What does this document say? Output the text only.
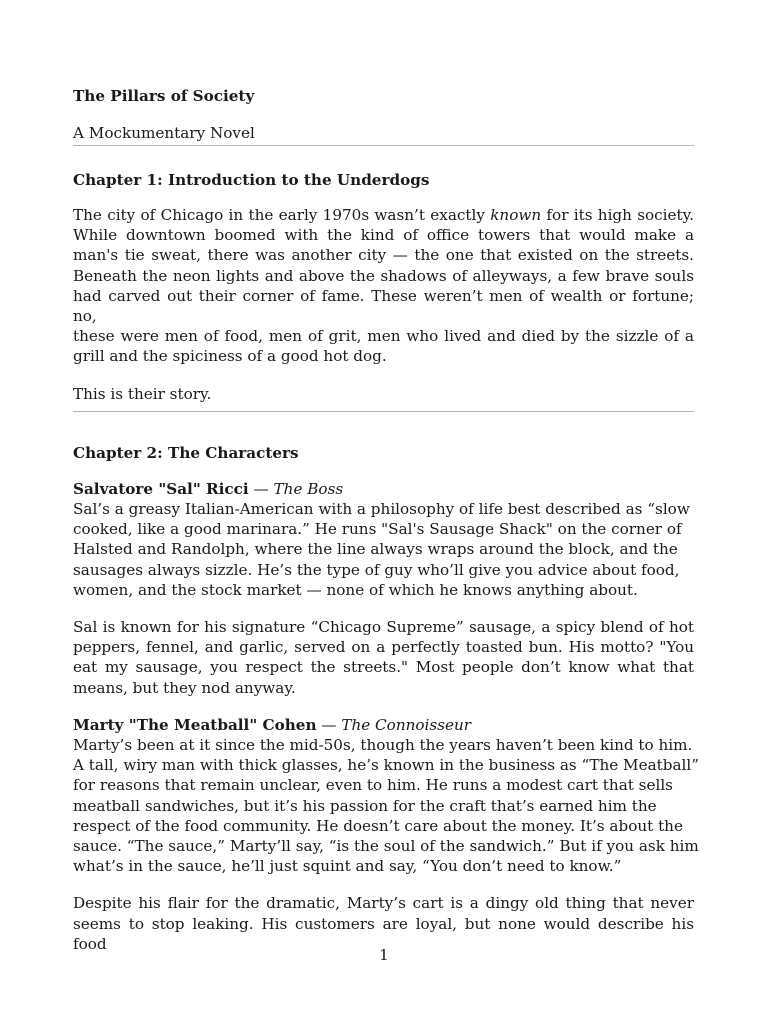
The Pillars of Society
A Mockumentary Novel
Chapter 1: Introduction to the Underdogs
The city of Chicago in the early 1970s wasn’t exactly known for its high society.
While downtown boomed with the kind of office towers that would make a
man's tie sweat, there was another city — the one that existed on the streets.
Beneath the neon lights and above the shadows of alleyways, a few brave souls
had carved out their corner of fame. These weren’t men of wealth or fortune; no,
these were men of food, men of grit, men who lived and died by the sizzle of a
grill and the spiciness of a good hot dog.
This is their story.
Chapter 2: The Characters
Salvatore "Sal" Ricci — The Boss
Sal’s a greasy Italian-American with a philosophy of life best described as “slow
cooked, like a good marinara.” He runs "Sal's Sausage Shack" on the corner of
Halsted and Randolph, where the line always wraps around the block, and the
sausages always sizzle. He’s the type of guy who’ll give you advice about food,
women, and the stock market — none of which he knows anything about.
Sal is known for his signature “Chicago Supreme” sausage, a spicy blend of hot
peppers, fennel, and garlic, served on a perfectly toasted bun. His motto? "You
eat my sausage, you respect the streets." Most people don’t know what that
means, but they nod anyway.
Marty "The Meatball" Cohen — The Connoisseur
Marty’s been at it since the mid-50s, though the years haven’t been kind to him.
A tall, wiry man with thick glasses, he’s known in the business as “The Meatball”
for reasons that remain unclear, even to him. He runs a modest cart that sells
meatball sandwiches, but it’s his passion for the craft that’s earned him the
respect of the food community. He doesn’t care about the money. It’s about the
sauce. “The sauce,” Marty’ll say, “is the soul of the sandwich.” But if you ask him
what’s in the sauce, he’ll just squint and say, “You don’t need to know.”
Despite his flair for the dramatic, Marty’s cart is a dingy old thing that never
seems to stop leaking. His customers are loyal, but none would describe his food
1
